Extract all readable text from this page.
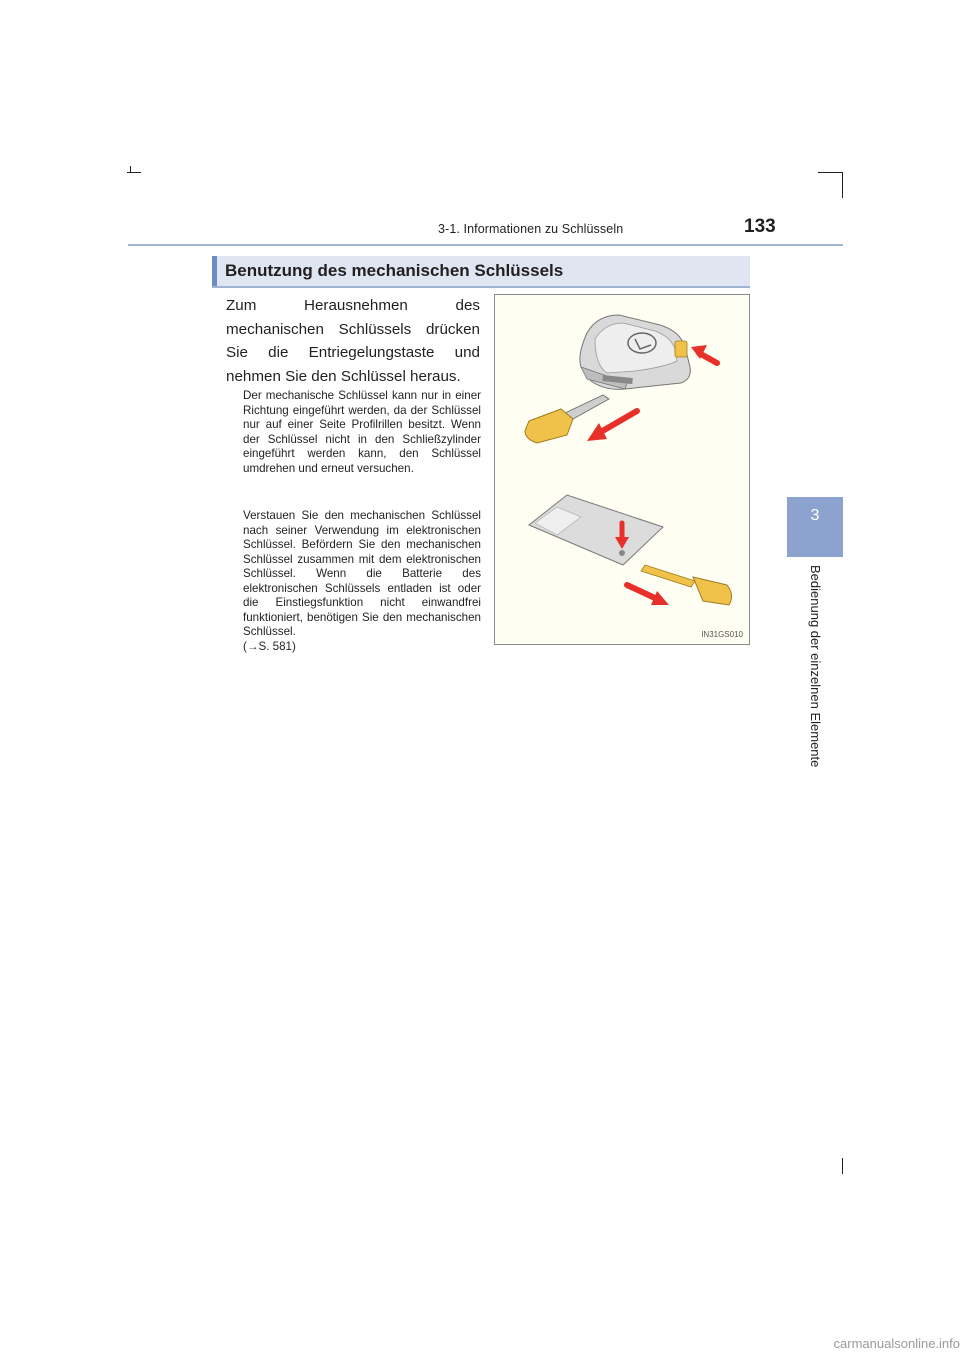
3-1. Informationen zu Schlüsseln	133
3
Bedienung der einzelnen Elemente
Benutzung des mechanischen Schlüssels
Zum Herausnehmen des mechanischen Schlüssels drücken Sie die Entriegelungstaste und nehmen Sie den Schlüssel heraus.
Der mechanische Schlüssel kann nur in einer Richtung eingeführt werden, da der Schlüssel nur auf einer Seite Profilrillen besitzt. Wenn der Schlüssel nicht in den Schließzylinder eingeführt werden kann, den Schlüssel umdrehen und erneut versuchen.
Verstauen Sie den mechanischen Schlüssel nach seiner Verwendung im elektronischen Schlüssel. Befördern Sie den mechanischen Schlüssel zusammen mit dem elektronischen Schlüssel. Wenn die Batterie des elektronischen Schlüssels entladen ist oder die Einstiegsfunktion nicht einwandfrei funktioniert, benötigen Sie den mechanischen Schlüssel.
(→S. 581)
IN31GS010
carmanualsonline.info
